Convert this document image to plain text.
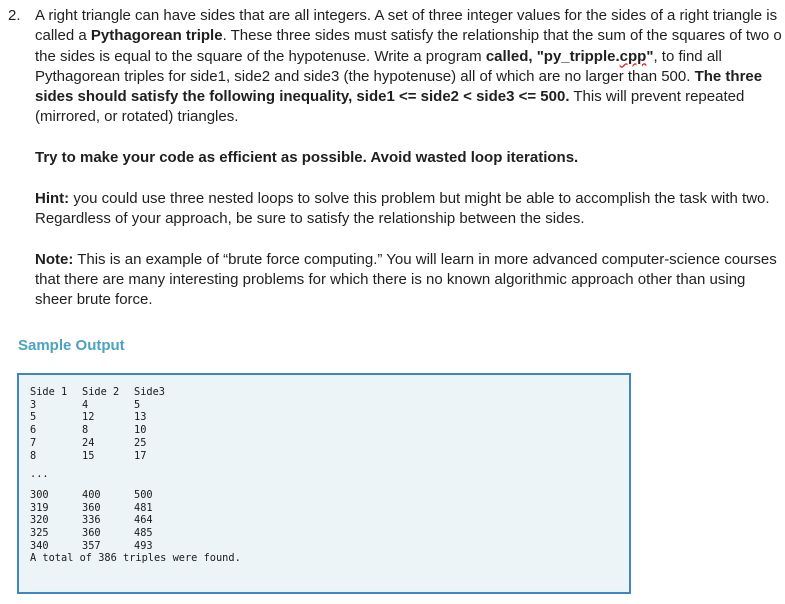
2. A right triangle can have sides that are all integers. A set of three integer values for the sides of a right triangle is
called a Pythagorean triple. These three sides must satisfy the relationship that the sum of the squares of two o
the sides is equal to the square of the hypotenuse. Write a program called, "py_tripple.cpp", to find all
Pythagorean triples for side1, side2 and side3 (the hypotenuse) all of which are no larger than 500. The three
sides should satisfy the following inequality, side1 <= side2 < side3 <= 500. This will prevent repeated
(mirrored, or rotated) triangles.
Try to make your code as efficient as possible. Avoid wasted loop iterations.
Hint: you could use three nested loops to solve this problem but might be able to accomplish the task with two.
Regardless of your approach, be sure to satisfy the relationship between the sides.
Note: This is an example of “brute force computing.” You will learn in more advanced computer-science courses
that there are many interesting problems for which there is no known algorithmic approach other than using
sheer brute force.
Sample Output
Side 1 Side 2 Side3
3	4	5
5	12	13
6	8	10
7	24	25
8	15	17
...
300	400	500
319	360	481
320	336	464
325	360	485
340	357	493
A total of 386 triples were found.
